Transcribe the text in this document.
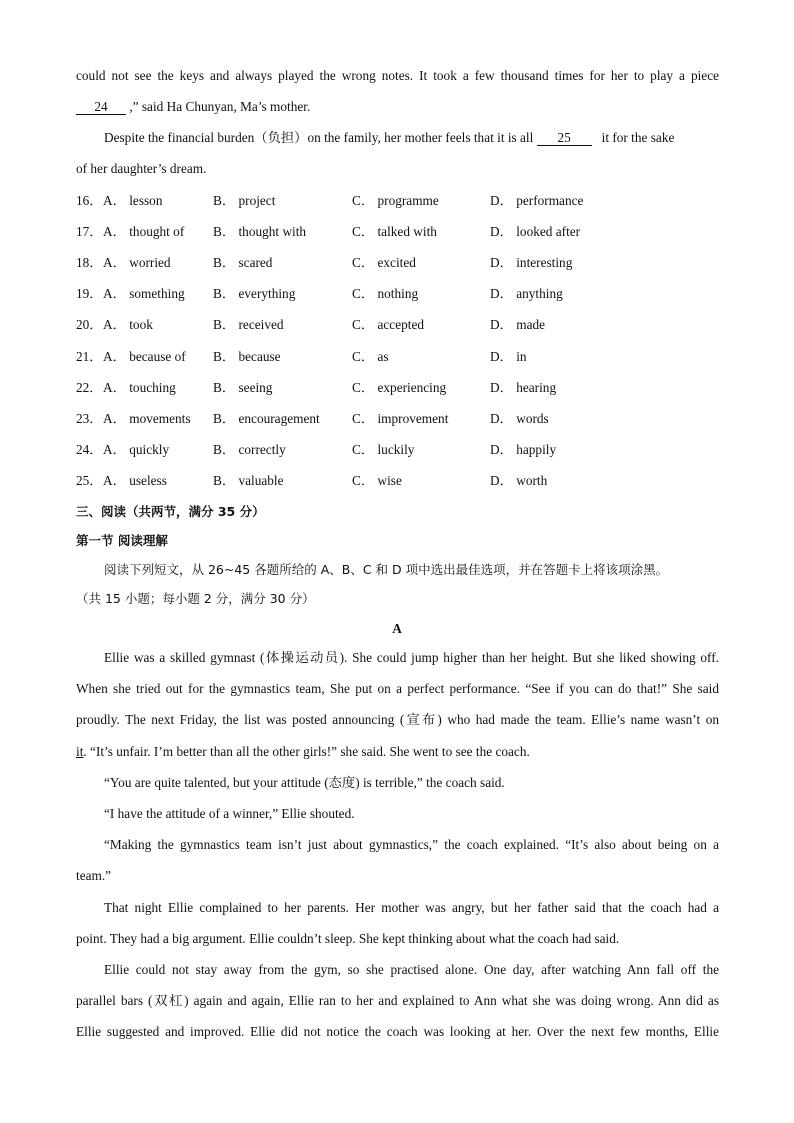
could not see the keys and always played the wrong notes. It took a few thousand times for her to play a piece
24 ,” said Ha Chunyan, Ma’s mother.
Despite the financial burden（负担）on the family, her mother feels that it is all 25   it for the sake
of her daughter’s dream.
16． A． lesson	B． project	C． programme	D． performance
17． A． thought of B． thought with	C． talked with	D． looked after
18． A． worried	B． scared	C． excited	D． interesting
19． A． something B． everything	C． nothing	D． anything
20． A． took	B． received	C． accepted	D． made
21． A． because of B． because	C． as	D． in
22． A． touching	B． seeing	C． experiencing	D． hearing
23． A． movements B． encouragement C． improvement	D． words
24． A． quickly	B． correctly	C． luckily	D． happily
25． A． useless	B． valuable	C． wise	D． worth
三、阅读（共两节，满分 35 分）
第一节 阅读理解
阅读下列短文，从 26~45 各题所给的 A、B、C 和 D 项中选出最佳选项，并在答题卡上将该项涂黑。
（共 15 小题；每小题 2 分，满分 30 分）
A
Ellie was a skilled gymnast (体操运动员). She could jump higher than her height. But she liked showing off.
When she tried out for the gymnastics team, She put on a perfect performance. “See if you can do that!” She said
proudly. The next Friday, the list was posted announcing (宣布) who had made the team. Ellie’s name wasn’t on
it. “It’s unfair. I’m better than all the other girls!” she said. She went to see the coach.
“You are quite talented, but your attitude (态度) is terrible,” the coach said.
“I have the attitude of a winner,” Ellie shouted.
“Making the gymnastics team isn’t just about gymnastics,” the coach explained. “It’s also about being on a
team.”
That night Ellie complained to her parents. Her mother was angry, but her father said that the coach had a
point. They had a big argument. Ellie couldn’t sleep. She kept thinking about what the coach had said.
Ellie could not stay away from the gym, so she practised alone. One day, after watching Ann fall off the
parallel bars (双杠) again and again, Ellie ran to her and explained to Ann what she was doing wrong. Ann did as
Ellie suggested and improved. Ellie did not notice the coach was looking at her. Over the next few months, Ellie
